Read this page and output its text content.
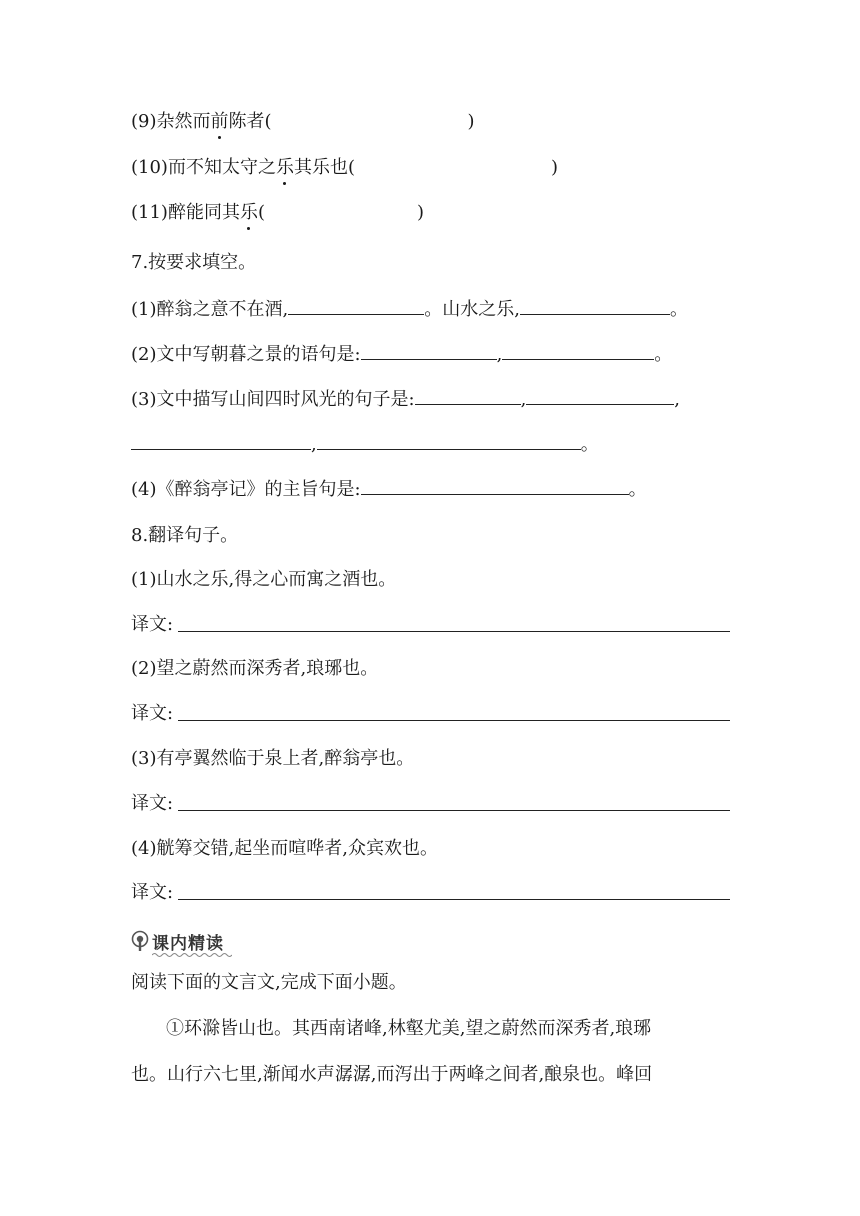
(9)杂然而前陈者(	)
(10)而不知太守之乐其乐也(	)
(11)醉能同其乐(	)
7.按要求填空。
(1)醉翁之意不在酒,	。山水之乐,	。
(2)文中写朝暮之景的语句是:	,	。
(3)文中描写山间四时风光的句子是:	,	,
,	。
(4)《醉翁亭记》的主旨句是:	。
8.翻译句子。
(1)山水之乐,得之心而寓之酒也。
译文:
(2)望之蔚然而深秀者,琅琊也。
译文:
(3)有亭翼然临于泉上者,醉翁亭也。
译文:
(4)觥筹交错,起坐而喧哗者,众宾欢也。
译文:
课内精读
阅读下面的文言文,完成下面小题。
①环滁皆山也。其西南诸峰,林壑尤美,望之蔚然而深秀者,琅琊
也。山行六七里,渐闻水声潺潺,而泻出于两峰之间者,酿泉也。峰回
